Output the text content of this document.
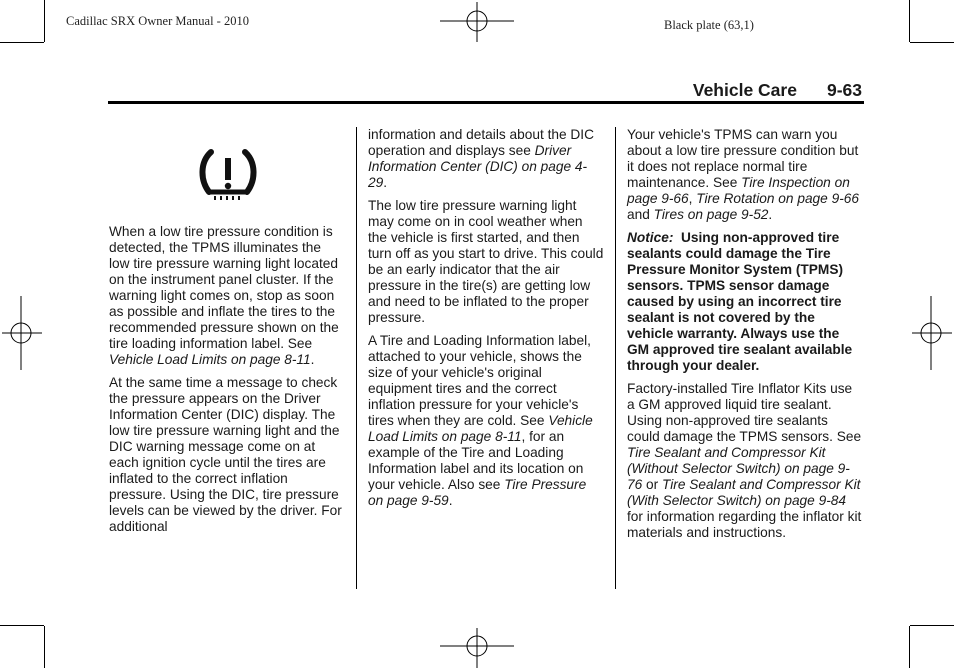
Cadillac SRX Owner Manual - 2010	Black plate (63,1)
Vehicle Care 9-63

When a low tire pressure condition is detected, the TPMS illuminates the low tire pressure warning light located on the instrument panel cluster. If the warning light comes on, stop as soon as possible and inflate the tires to the recommended pressure shown on the tire loading information label. See Vehicle Load Limits on page 8-11.

At the same time a message to check the pressure appears on the Driver Information Center (DIC) display. The low tire pressure warning light and the DIC warning message come on at each ignition cycle until the tires are inflated to the correct inflation pressure. Using the DIC, tire pressure levels can be viewed by the driver. For additional

information and details about the DIC operation and displays see Driver Information Center (DIC) on page 4-29.

The low tire pressure warning light may come on in cool weather when the vehicle is first started, and then turn off as you start to drive. This could be an early indicator that the air pressure in the tire(s) are getting low and need to be inflated to the proper pressure.

A Tire and Loading Information label, attached to your vehicle, shows the size of your vehicle's original equipment tires and the correct inflation pressure for your vehicle's tires when they are cold. See Vehicle Load Limits on page 8-11, for an example of the Tire and Loading Information label and its location on your vehicle. Also see Tire Pressure on page 9-59.

Your vehicle's TPMS can warn you about a low tire pressure condition but it does not replace normal tire maintenance. See Tire Inspection on page 9-66, Tire Rotation on page 9-66 and Tires on page 9-52.

Notice: Using non-approved tire sealants could damage the Tire Pressure Monitor System (TPMS) sensors. TPMS sensor damage caused by using an incorrect tire sealant is not covered by the vehicle warranty. Always use the GM approved tire sealant available through your dealer.

Factory-installed Tire Inflator Kits use a GM approved liquid tire sealant. Using non-approved tire sealants could damage the TPMS sensors. See Tire Sealant and Compressor Kit (Without Selector Switch) on page 9-76 or Tire Sealant and Compressor Kit (With Selector Switch) on page 9-84 for information regarding the inflator kit materials and instructions.
